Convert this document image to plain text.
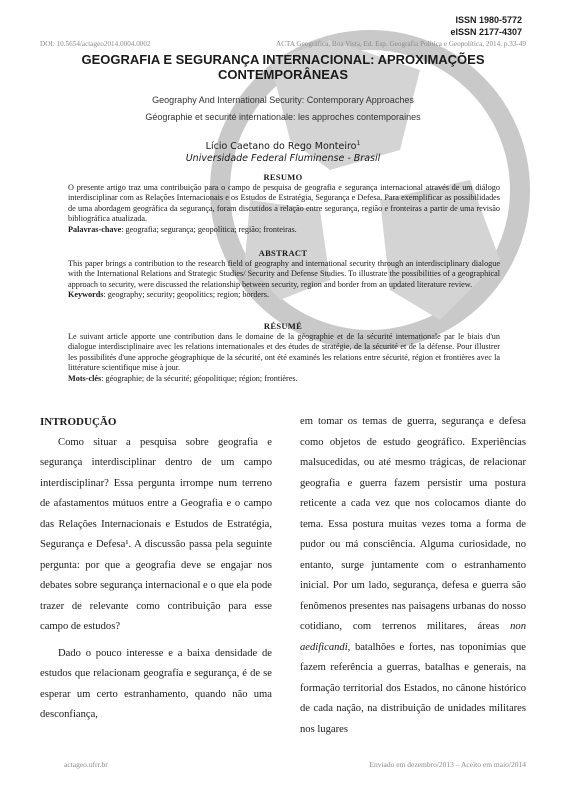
ISSN 1980-5772
eISSN 2177-4307
DOI: 10.5654/actageo2014.0004.0002	ACTA Geográfica, Boa Vista, Ed. Esp. Geografia Política e Geopolítica, 2014. p.33-49
GEOGRAFIA E SEGURANÇA INTERNACIONAL: APROXIMAÇÕES
CONTEMPORÂNEAS
Geography And International Security: Contemporary Approaches
Géographie et securité internationale: les approches contemporaines
Lício Caetano do Rego Monteiro$^1$
Universidade Federal Fluminense - Brasil
RESUMO
O presente artigo traz uma contribuição para o campo de pesquisa de geografia e segurança internacional através de um diálogo interdisciplinar com as Relações Internacionais e os Estudos de Estratégia, Segurança e Defesa. Para exemplificar as possibilidades de uma abordagem geográfica da segurança, foram discutidos a relação entre segurança, região e fronteiras a partir de uma revisão bibliográfica atualizada.
Palavras-chave: geografia; segurança; geopolítica; região; fronteiras.
ABSTRACT
This paper brings a contribution to the research field of geography and international security through an interdisciplinary dialogue with the International Relations and Strategic Studies/ Security and Defense Studies. To illustrate the possibilities of a geographical approach to security, were discussed the relationship between security, region and border from an updated literature review.
Keywords: geography; security; geopolitics; region; borders.
RÉSUMÉ
Le suivant article apporte une contribution dans le domaine de la géographie et de la sécurité internationale par le biais d'un dialogue interdisciplinaire avec les relations internationales et des études de stratégie, de la sécurité et de la défense. Pour illustrer les possibilités d'une approche géographique de la sécurité, ont été examinés les relations entre sécurité, région et frontières avec la littérature scientifique mise à jour.
Mots-clés: géographie; de la sécurité; géopolitique; région; frontières.

INTRODUÇÃO

Como situar a pesquisa sobre geografia e segurança interdisciplinar dentro de um campo interdisciplinar? Essa pergunta irrompe num terreno de afastamentos mútuos entre a Geografia e o campo das Relações Internacionais e Estudos de Estratégia, Segurança e Defesa¹. A discussão passa pela seguinte pergunta: por que a geografia deve se engajar nos debates sobre segurança internacional e o que ela pode trazer de relevante como contribuição para esse campo de estudos?

Dado o pouco interesse e a baixa densidade de estudos que relacionam geografia e segurança, é de se esperar um certo estranhamento, quando não uma desconfiança,

em tomar os temas de guerra, segurança e defesa como objetos de estudo geográfico. Experiências malsucedidas, ou até mesmo trágicas, de relacionar geografia e guerra fazem persistir uma postura reticente a cada vez que nos colocamos diante do tema. Essa postura muitas vezes toma a forma de pudor ou má consciência. Alguma curiosidade, no entanto, surge juntamente com o estranhamento inicial. Por um lado, segurança, defesa e guerra são fenômenos presentes nas paisagens urbanas do nosso cotidiano, com terrenos militares, áreas non aedificandi, batalhões e fortes, nas toponímias que fazem referência a guerras, batalhas e generais, na formação territorial dos Estados, no cânone histórico de cada nação, na distribuição de unidades militares nos lugares

actageo.ufrr.br	Enviado em dezembro/2013 – Aceito em maio/2014
